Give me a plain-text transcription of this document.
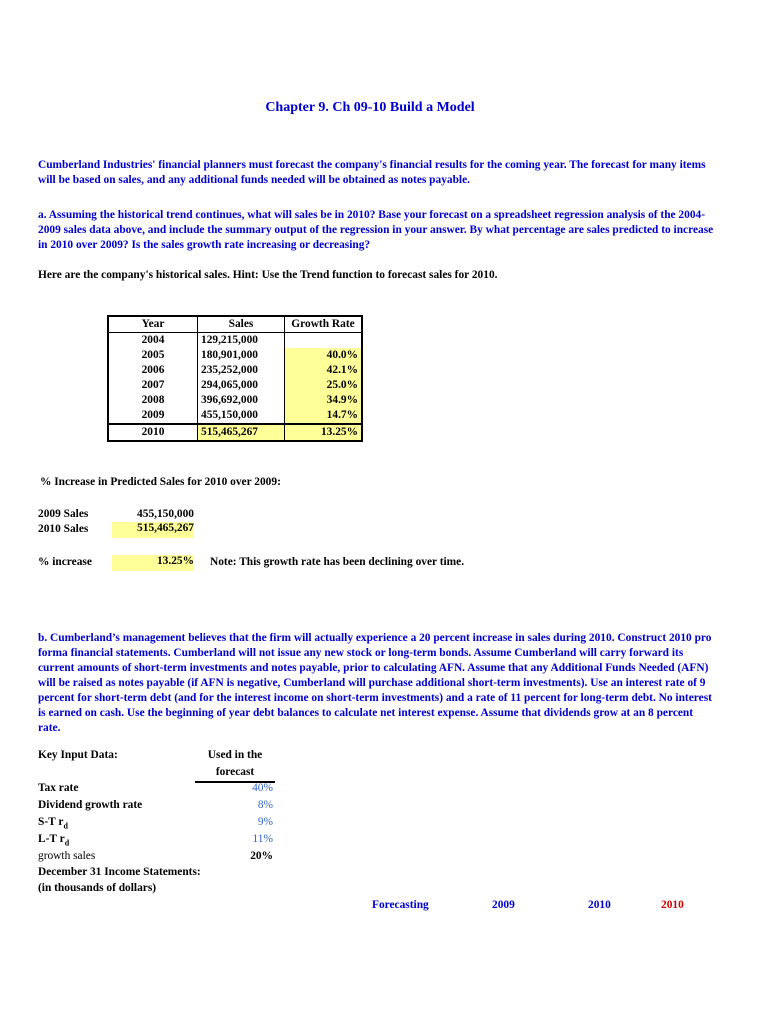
Chapter 9. Ch 09-10 Build a Model
Cumberland Industries' financial planners must forecast the company's financial results for the coming year. The forecast for many items will be based on sales, and any additional funds needed will be obtained as notes payable.
a. Assuming the historical trend continues, what will sales be in 2010? Base your forecast on a spreadsheet regression analysis of the 2004-2009 sales data above, and include the summary output of the regression in your answer. By what percentage are sales predicted to increase in 2010 over 2009? Is the sales growth rate increasing or decreasing?
Here are the company's historical sales. Hint: Use the Trend function to forecast sales for 2010.
Year	Sales	Growth Rate
2004	129,215,000	
2005	180,901,000	40.0%
2006	235,252,000	42.1%
2007	294,065,000	25.0%
2008	396,692,000	34.9%
2009	455,150,000	14.7%
2010	515,465,267	13.25%
% Increase in Predicted Sales for 2010 over 2009:
2009 Sales	455,150,000
2010 Sales	515,465,267
% increase	13.25% Note: This growth rate has been declining over time.
b. Cumberland’s management believes that the firm will actually experience a 20 percent increase in sales during 2010. Construct 2010 pro forma financial statements. Cumberland will not issue any new stock or long-term bonds. Assume Cumberland will carry forward its current amounts of short-term investments and notes payable, prior to calculating AFN. Assume that any Additional Funds Needed (AFN) will be raised as notes payable (if AFN is negative, Cumberland will purchase additional short-term investments). Use an interest rate of 9 percent for short-term debt (and for the interest income on short-term investments) and a rate of 11 percent for long-term debt. No interest is earned on cash. Use the beginning of year debt balances to calculate net interest expense. Assume that dividends grow at an 8 percent rate.
Key Input Data:	Used in the
forecast
Tax rate	40%
Dividend growth rate	8%
S-T $r_d$	9%
L-T $r_d$	11%
growth sales	20%
December 31 Income Statements:
(in thousands of dollars)
Forecasting	2009	2010	2010
